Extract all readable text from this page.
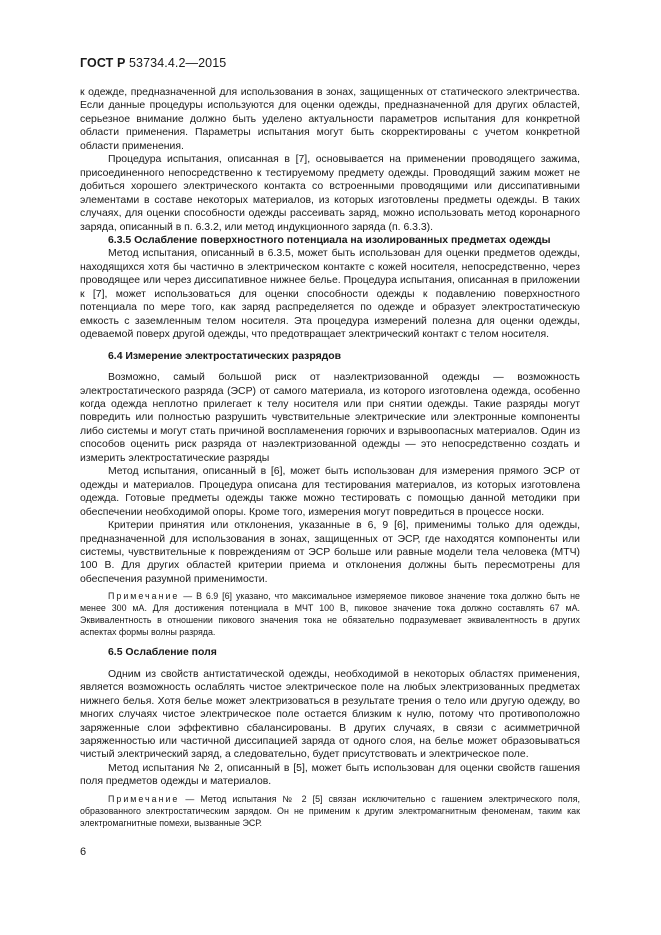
ГОСТ Р 53734.4.2—2015

к одежде, предназначенной для использования в зонах, защищенных от статического электричества. Если данные процедуры используются для оценки одежды, предназначенной для других областей, серьезное внимание должно быть уделено актуальности параметров испытания для конкретной области применения. Параметры испытания могут быть скорректированы с учетом конкретной области применения.

Процедура испытания, описанная в [7], основывается на применении проводящего зажима, присоединенного непосредственно к тестируемому предмету одежды. Проводящий зажим может не добиться хорошего электрического контакта со встроенными проводящими или диссипативными элементами в составе некоторых материалов, из которых изготовлены предметы одежды. В таких случаях, для оценки способности одежды рассеивать заряд, можно использовать метод коронарного заряда, описанный в п. 6.3.2, или метод индукционного заряда (п. 6.3.3).

6.3.5 Ослабление поверхностного потенциала на изолированных предметах одежды

Метод испытания, описанный в 6.3.5, может быть использован для оценки предметов одежды, находящихся хотя бы частично в электрическом контакте с кожей носителя, непосредственно, через проводящее или через диссипативное нижнее белье. Процедура испытания, описанная в приложении к [7], может использоваться для оценки способности одежды к подавлению поверхностного потенциала по мере того, как заряд распределяется по одежде и образует электростатическую емкость с заземленным телом носителя. Эта процедура измерений полезна для оценки одежды, одеваемой поверх другой одежды, что предотвращает электрический контакт с телом носителя.

6.4 Измерение электростатических разрядов

Возможно, самый большой риск от наэлектризованной одежды — возможность электростатического разряда (ЭСР) от самого материала, из которого изготовлена одежда, особенно когда одежда неплотно прилегает к телу носителя или при снятии одежды. Такие разряды могут повредить или полностью разрушить чувствительные электрические или электронные компоненты либо системы и могут стать причиной воспламенения горючих и взрывоопасных материалов. Один из способов оценить риск разряда от наэлектризованной одежды — это непосредственно создать и измерить электростатические разряды

Метод испытания, описанный в [6], может быть использован для измерения прямого ЭСР от одежды и материалов. Процедура описана для тестирования материалов, из которых изготовлена одежда. Готовые предметы одежды также можно тестировать с помощью данной методики при обеспечении необходимой опоры. Кроме того, измерения могут повредиться в процессе носки.

Критерии принятия или отклонения, указанные в 6, 9 [6], применимы только для одежды, предназначенной для использования в зонах, защищенных от ЭСР, где находятся компоненты или системы, чувствительные к повреждениям от ЭСР больше или равные модели тела человека (МТЧ) 100 В. Для других областей критерии приема и отклонения должны быть пересмотрены для обеспечения разумной применимости.

Примечание — В 6.9 [6] указано, что максимальное измеряемое пиковое значение тока должно быть не менее 300 мА. Для достижения потенциала в МЧТ 100 В, пиковое значение тока должно составлять 67 мА. Эквивалентность в отношении пикового значения тока не обязательно подразумевает эквивалентность в других аспектах формы волны разряда.

6.5 Ослабление поля

Одним из свойств антистатической одежды, необходимой в некоторых областях применения, является возможность ослаблять чистое электрическое поле на любых электризованных предметах нижнего белья. Хотя белье может электризоваться в результате трения о тело или другую одежду, во многих случаях чистое электрическое поле остается близким к нулю, потому что противоположно заряженные слои эффективно сбалансированы. В других случаях, в связи с асимметричной заряженностью или частичной диссипацией заряда от одного слоя, на белье может образовываться чистый электрический заряд, а следовательно, будет присутствовать и электрическое поле.

Метод испытания № 2, описанный в [5], может быть использован для оценки свойств гашения поля предметов одежды и материалов.

Примечание — Метод испытания № 2 [5] связан исключительно с гашением электрического поля, образованного электростатическим зарядом. Он не применим к другим электромагнитным феноменам, таким как электромагнитные помехи, вызванные ЭСР.

6
